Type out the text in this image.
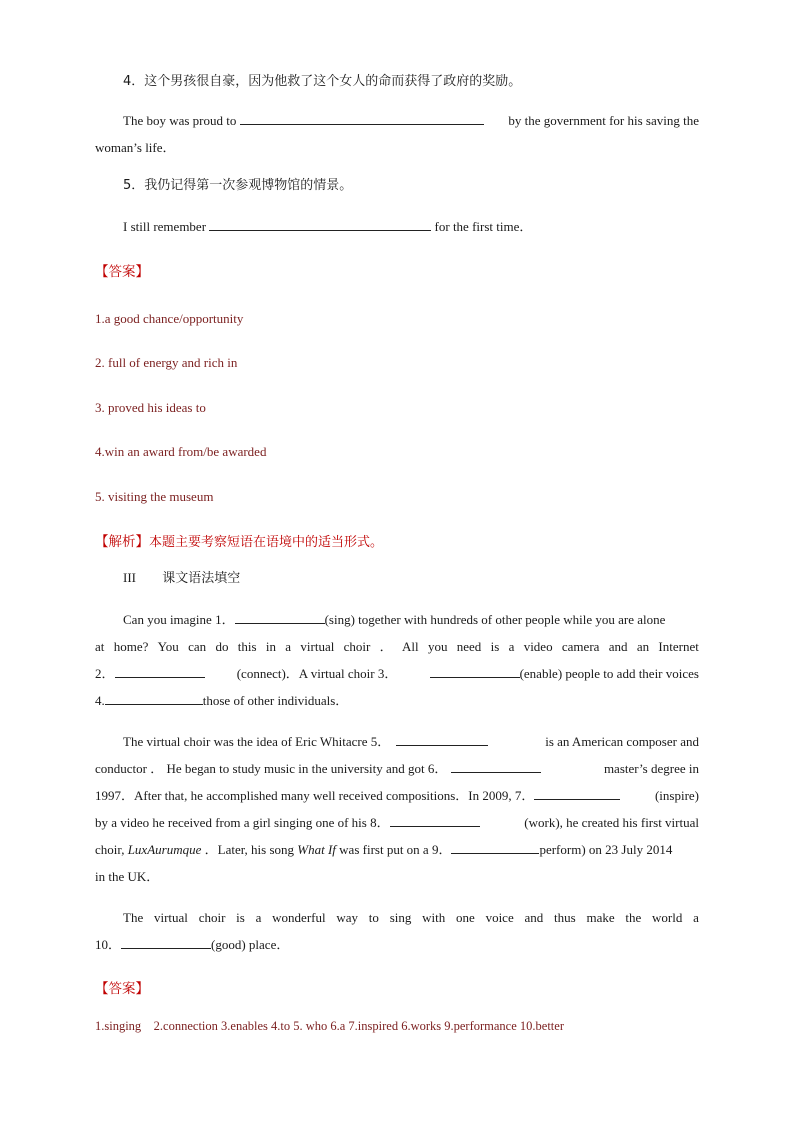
4．这个男孩很自豪，因为他救了这个女人的命而获得了政府的奖励。
The boy was proud to	by the government for his saving the
woman’s life．
5．我仍记得第一次参观博物馆的情景。
I still remember	for the first time．
【答案】
1.a good chance/opportunity
2. full of energy and rich in
3. proved his ideas to
4.win an award from/be awarded
5. visiting the museum
【解析】本题主要考察短语在语境中的适当形式。
III 课文语法填空
Can you imagine 1．	(sing) together with hundreds of other people while you are alone
at home? You can do this in a virtual choir ． All you need is a video camera and an Internet
2．	(connect)．A virtual choir 3．	(enable) people to add their voices
4.	those of other individuals．
The virtual choir was the idea of Eric Whitacre 5．	is an American composer and
conductor ． He began to study music in the university and got 6．	master’s degree in
1997．After that, he accomplished many well received compositions．In 2009, 7．	(inspire)
by a video he received from a girl singing one of his 8．	(work), he created his first virtual
choir, LuxAurumque ．Later, his song What If was first put on a 9．	perform) on 23 July 2014
in the UK．
The virtual choir is a wonderful way to sing with one voice and thus make the world a
10．	(good) place．
【答案】
1.singing　2.connection 3.enables 4.to 5. who 6.a 7.inspired 6.works 9.performance 10.better
